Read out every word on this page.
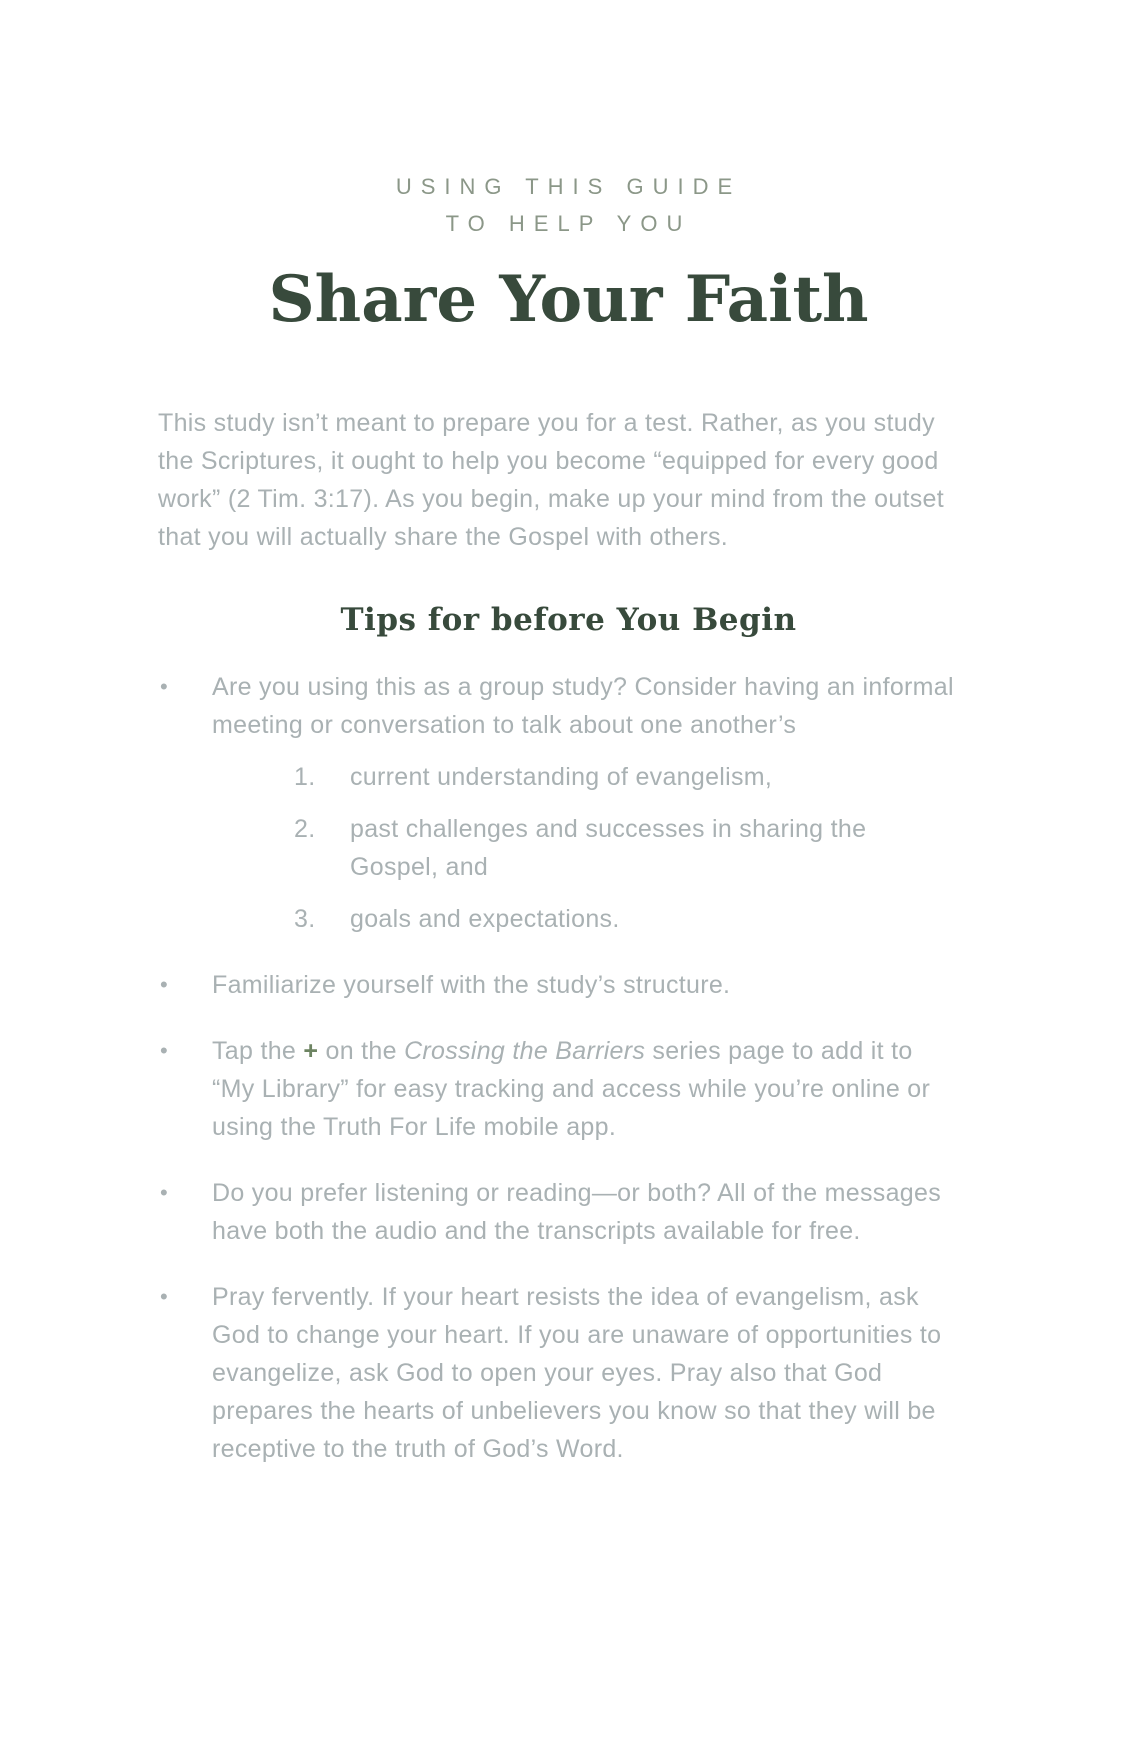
USING THIS GUIDE
TO HELP YOU
Share Your Faith

This study isn’t meant to prepare you for a test. Rather, as you study the Scriptures, it ought to help you become “equipped for every good work” (2 Tim. 3:17). As you begin, make up your mind from the outset that you will actually share the Gospel with others.

Tips for before You Begin
•	Are you using this as a group study? Consider having an informal meeting or conversation to talk about one another’s
1.	current understanding of evangelism,
2.	past challenges and successes in sharing the Gospel, and
3.	goals and expectations.
•	Familiarize yourself with the study’s structure.
•	Tap the + on the Crossing the Barriers series page to add it to “My Library” for easy tracking and access while you’re online or using the Truth For Life mobile app.
•	Do you prefer listening or reading—or both? All of the messages have both the audio and the transcripts available for free.
•	Pray fervently. If your heart resists the idea of evangelism, ask God to change your heart. If you are unaware of opportunities to evangelize, ask God to open your eyes. Pray also that God prepares the hearts of unbelievers you know so that they will be receptive to the truth of God’s Word.
